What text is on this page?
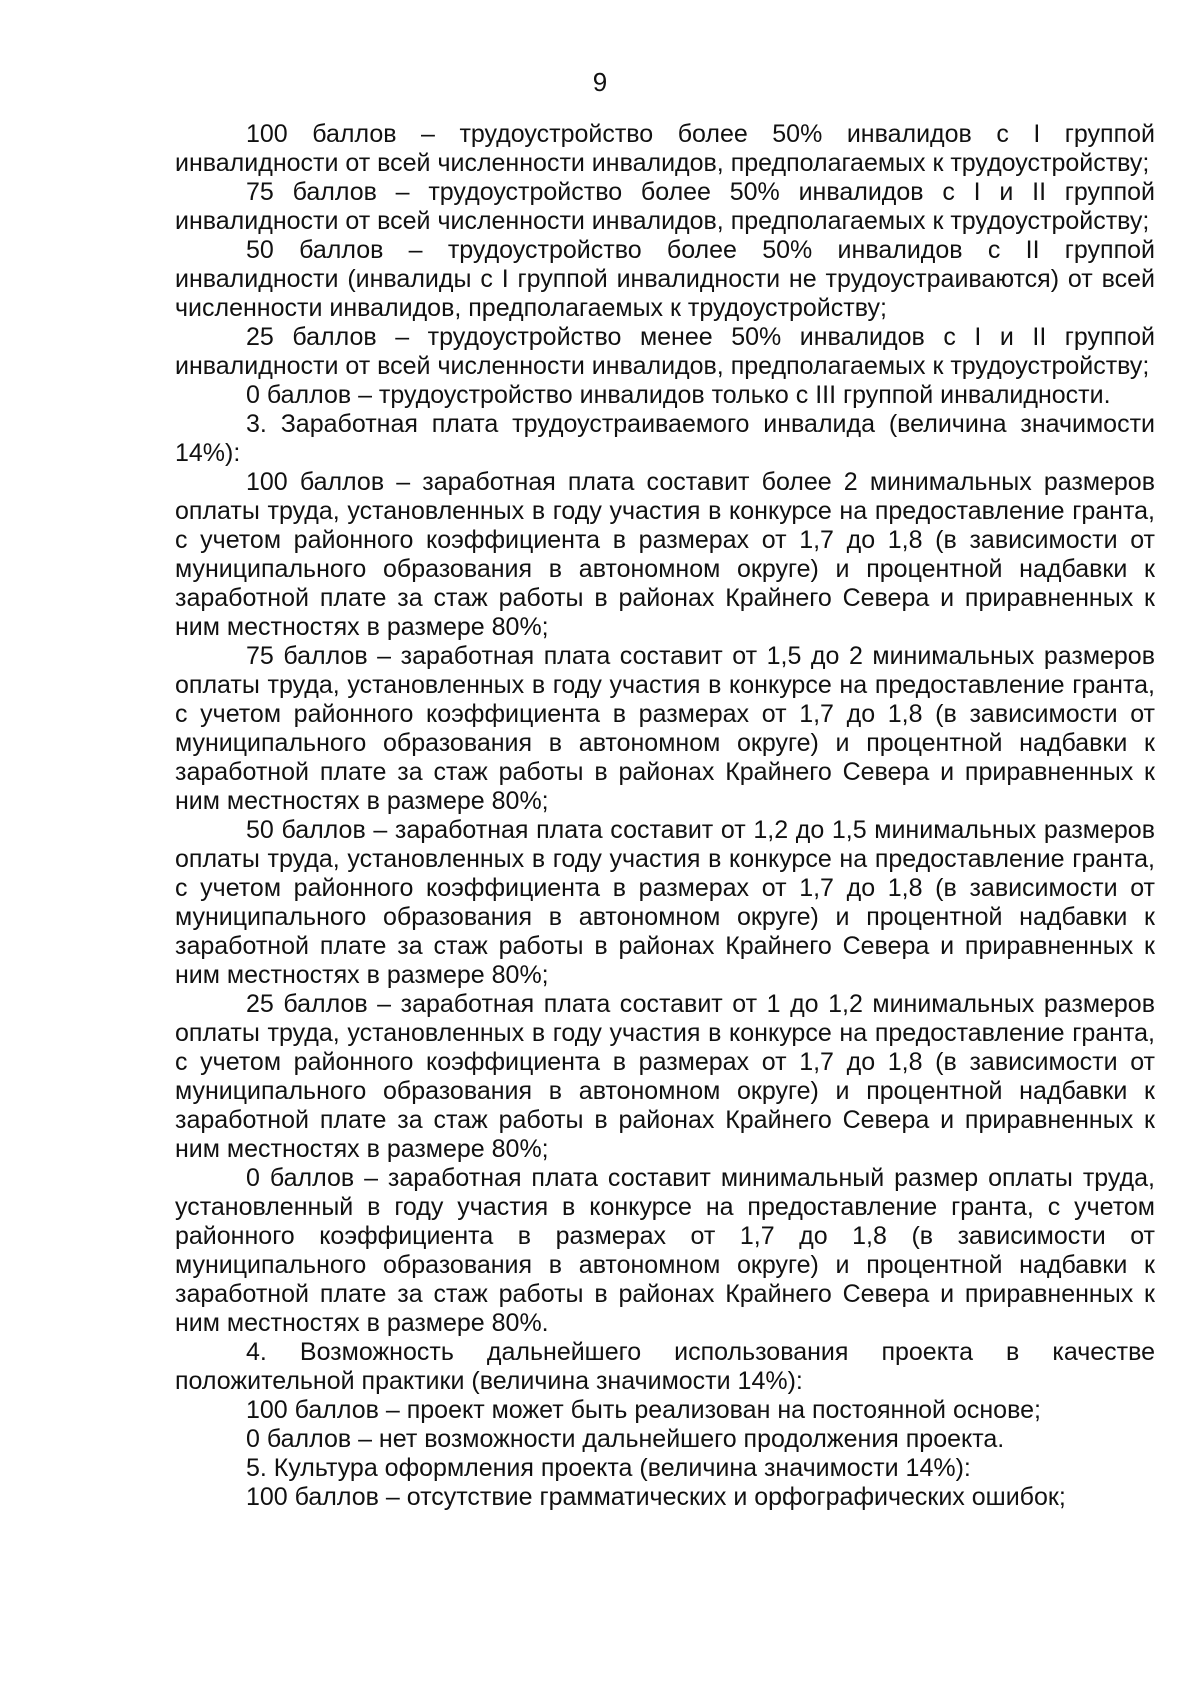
9

100 баллов – трудоустройство более 50% инвалидов с I группой инвалидности от всей численности инвалидов, предполагаемых к трудоустройству;

75 баллов – трудоустройство более 50% инвалидов с I и II группой инвалидности от всей численности инвалидов, предполагаемых к трудоустройству;

50 баллов – трудоустройство более 50% инвалидов с II группой инвалидности (инвалиды с I группой инвалидности не трудоустраиваются) от всей численности инвалидов, предполагаемых к трудоустройству;

25 баллов – трудоустройство менее 50% инвалидов с I и II группой инвалидности от всей численности инвалидов, предполагаемых к трудоустройству;

0 баллов – трудоустройство инвалидов только с III группой инвалидности.

3. Заработная плата трудоустраиваемого инвалида (величина значимости 14%):

100 баллов – заработная плата составит более 2 минимальных размеров оплаты труда, установленных в году участия в конкурсе на предоставление гранта, с учетом районного коэффициента в размерах от 1,7 до 1,8 (в зависимости от муниципального образования в автономном округе) и процентной надбавки к заработной плате за стаж работы в районах Крайнего Севера и приравненных к ним местностях в размере 80%;

75 баллов – заработная плата составит от 1,5 до 2 минимальных размеров оплаты труда, установленных в году участия в конкурсе на предоставление гранта, с учетом районного коэффициента в размерах от 1,7 до 1,8 (в зависимости от муниципального образования в автономном округе) и процентной надбавки к заработной плате за стаж работы в районах Крайнего Севера и приравненных к ним местностях в размере 80%;

50 баллов – заработная плата составит от 1,2 до 1,5 минимальных размеров оплаты труда, установленных в году участия в конкурсе на предоставление гранта, с учетом районного коэффициента в размерах от 1,7 до 1,8 (в зависимости от муниципального образования в автономном округе) и процентной надбавки к заработной плате за стаж работы в районах Крайнего Севера и приравненных к ним местностях в размере 80%;

25 баллов – заработная плата составит от 1 до 1,2 минимальных размеров оплаты труда, установленных в году участия в конкурсе на предоставление гранта, с учетом районного коэффициента в размерах от 1,7 до 1,8 (в зависимости от муниципального образования в автономном округе) и процентной надбавки к заработной плате за стаж работы в районах Крайнего Севера и приравненных к ним местностях в размере 80%;

0 баллов – заработная плата составит минимальный размер оплаты труда, установленный в году участия в конкурсе на предоставление гранта, с учетом районного коэффициента в размерах от 1,7 до 1,8 (в зависимости от муниципального образования в автономном округе) и процентной надбавки к заработной плате за стаж работы в районах Крайнего Севера и приравненных к ним местностях в размере 80%.

4. Возможность дальнейшего использования проекта в качестве положительной практики (величина значимости 14%):

100 баллов – проект может быть реализован на постоянной основе;

0 баллов – нет возможности дальнейшего продолжения проекта.

5. Культура оформления проекта (величина значимости 14%):

100 баллов – отсутствие грамматических и орфографических ошибок;
